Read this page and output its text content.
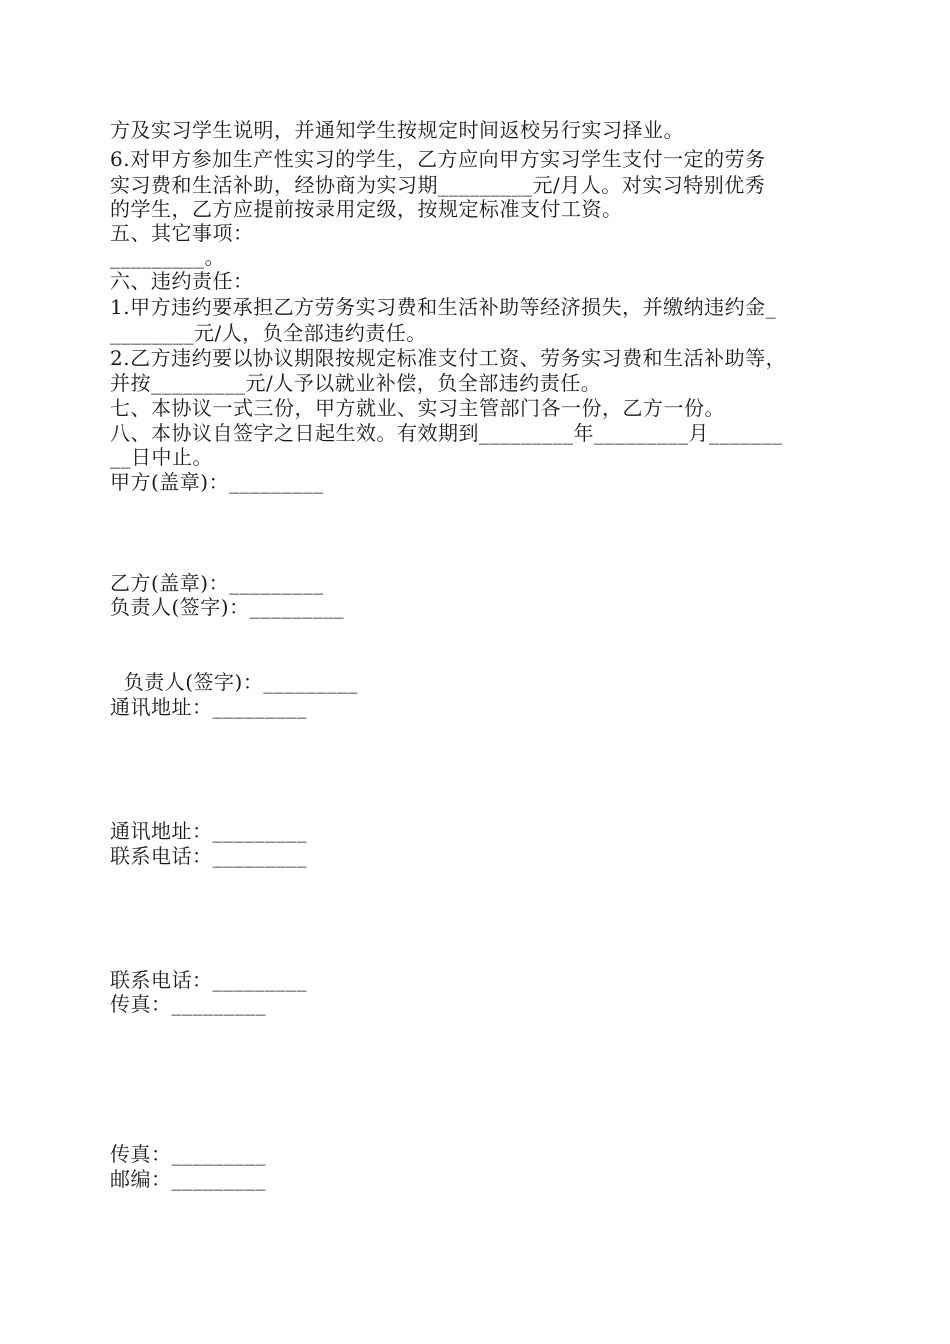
方及实习学生说明，并通知学生按规定时间返校另行实习择业。
6.对甲方参加生产性实习的学生，乙方应向甲方实习学生支付一定的劳务
实习费和生活补助，经协商为实习期_________元/月人。对实习特别优秀
的学生，乙方应提前按录用定级，按规定标准支付工资。
五、其它事项：
_________。
六、违约责任：
1.甲方违约要承担乙方劳务实习费和生活补助等经济损失，并缴纳违约金_
________元/人，负全部违约责任。
2.乙方违约要以协议期限按规定标准支付工资、劳务实习费和生活补助等，
并按_________元/人予以就业补偿，负全部违约责任。
七、本协议一式三份，甲方就业、实习主管部门各一份，乙方一份。
八、本协议自签字之日起生效。有效期到_________年_________月_______
__日中止。
甲方(盖章)：_________
乙方(盖章)：_________
负责人(签字)：_________
负责人(签字)：_________
通讯地址：_________
通讯地址：_________
联系电话：_________
联系电话：_________
传真：_________
传真：_________
邮编：_________
